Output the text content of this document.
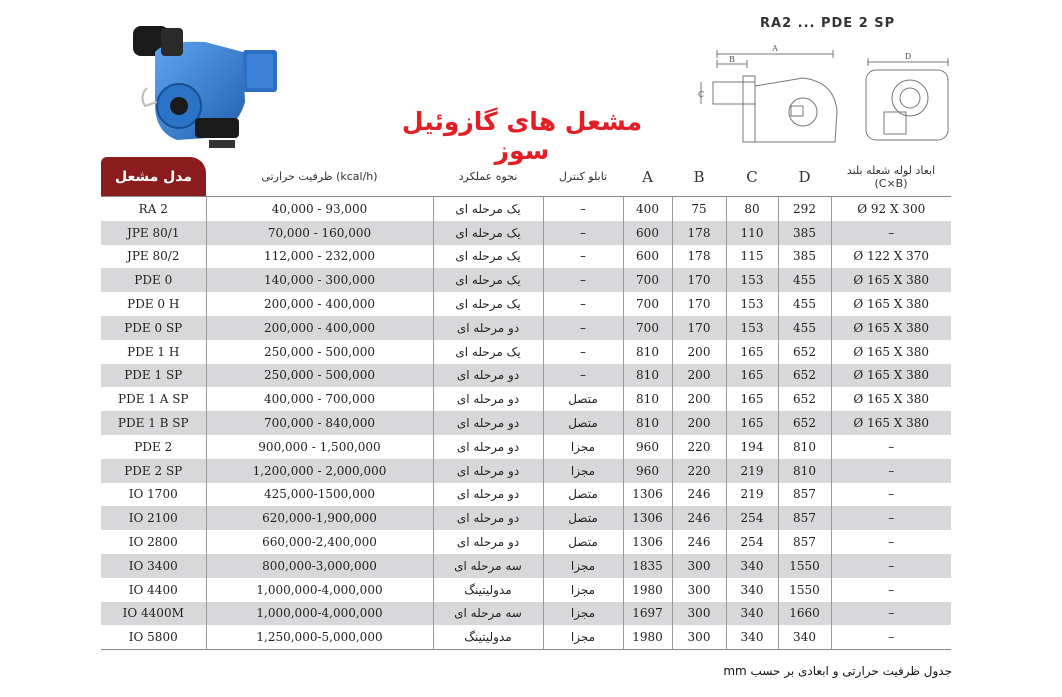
مشعل های گازوئیل سوز
RA2 ... PDE 2 SP
A
B
C
D
مدل مشعل	ظرفیت حرارتی (kcal/h)	نحوه عملکرد	تابلو کنترل	A	B	C	D	ابعاد لوله شعله بلند
(C×B)

RA 2	40,000 - 93,000	یک مرحله ای	–	400	75	80	292	Ø 92 X 300
JPE 80/1	70,000 - 160,000	یک مرحله ای	–	600	178	110	385	–
JPE 80/2	112,000 - 232,000	یک مرحله ای	–	600	178	115	385	Ø 122 X 370
PDE 0	140,000 - 300,000	یک مرحله ای	–	700	170	153	455	Ø 165 X 380
PDE 0 H	200,000 - 400,000	یک مرحله ای	–	700	170	153	455	Ø 165 X 380
PDE 0 SP	200,000 - 400,000	دو مرحله ای	–	700	170	153	455	Ø 165 X 380
PDE 1 H	250,000 - 500,000	یک مرحله ای	–	810	200	165	652	Ø 165 X 380
PDE 1 SP	250,000 - 500,000	دو مرحله ای	–	810	200	165	652	Ø 165 X 380
PDE 1 A SP	400,000 - 700,000	دو مرحله ای	متصل	810	200	165	652	Ø 165 X 380
PDE 1 B SP	700,000 - 840,000	دو مرحله ای	متصل	810	200	165	652	Ø 165 X 380
PDE 2	900,000 - 1,500,000	دو مرحله ای	مجزا	960	220	194	810	–
PDE 2 SP	1,200,000 - 2,000,000	دو مرحله ای	مجزا	960	220	219	810	–
IO 1700	425,000-1500,000	دو مرحله ای	متصل	1306	246	219	857	–
IO 2100	620,000-1,900,000	دو مرحله ای	متصل	1306	246	254	857	–
IO 2800	660,000-2,400,000	دو مرحله ای	متصل	1306	246	254	857	–
IO 3400	800,000-3,000,000	سه مرحله ای	مجزا	1835	300	340	1550	–
IO 4400	1,000,000-4,000,000	مدولیتینگ	مجزا	1980	300	340	1550	–
IO 4400M	1,000,000-4,000,000	سه مرحله ای	مجزا	1697	300	340	1660	–
IO 5800	1,250,000-5,000,000	مدولیتینگ	مجزا	1980	300	340	340	–
جدول ظرفیت حرارتی و ابعادی بر حسب mm
